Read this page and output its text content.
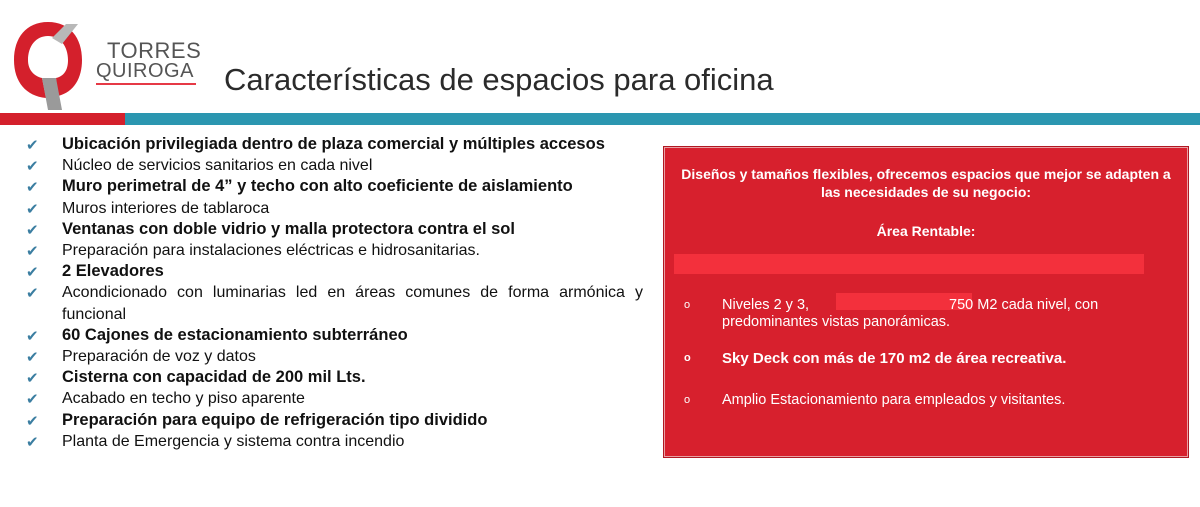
TORRES
QUIROGA Características de espacios para oficina
✔ Ubicación privilegiada dentro de plaza comercial y múltiples accesos
✔ Núcleo de servicios sanitarios en cada nivel
✔ Muro perimetral de 4” y techo con alto coeficiente de aislamiento
✔ Muros interiores de tablaroca
✔ Ventanas con doble vidrio y malla protectora contra el sol
✔ Preparación para instalaciones eléctricas e hidrosanitarias.
✔ 2 Elevadores
✔ Acondicionado con luminarias led en áreas comunes de forma armónica y funcional
✔ 60 Cajones de estacionamiento subterráneo
✔ Preparación de voz y datos
✔ Cisterna con capacidad de 200 mil Lts.
✔ Acabado en techo y piso aparente
✔ Preparación para equipo de refrigeración tipo dividido
✔ Planta de Emergencia y sistema contra incendio
Diseños y tamaños flexibles, ofrecemos espacios que mejor se adapten a las necesidades de su negocio:
Área Rentable:
o Niveles 2 y 3,	750 M2 cada nivel, con predominantes vistas panorámicas.
o Sky Deck con más de 170 m2 de área recreativa.
o Amplio Estacionamiento para empleados y visitantes.
